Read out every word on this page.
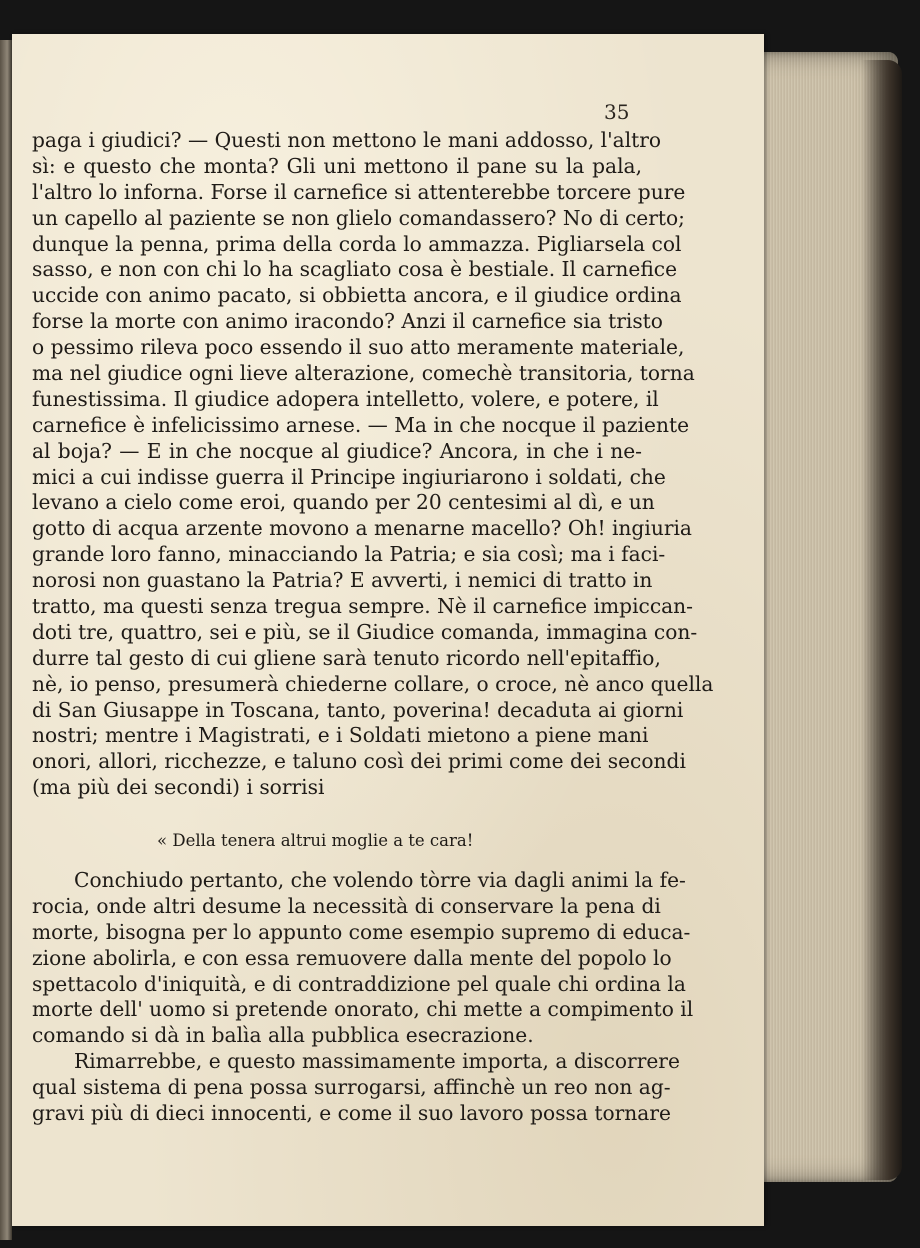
35
paga i giudici? — Questi non mettono le mani addosso, l'altro
sì: e questo che monta? Gli uni mettono il pane su la pala,
l'altro lo inforna. Forse il carnefice si attenterebbe torcere pure
un capello al paziente se non glielo comandassero? No di certo;
dunque la penna, prima della corda lo ammazza. Pigliarsela col
sasso, e non con chi lo ha scagliato cosa è bestiale. Il carnefice
uccide con animo pacato, si obbietta ancora, e il giudice ordina
forse la morte con animo iracondo? Anzi il carnefice sia tristo
o pessimo rileva poco essendo il suo atto meramente materiale,
ma nel giudice ogni lieve alterazione, comechè transitoria, torna
funestissima. Il giudice adopera intelletto, volere, e potere, il
carnefice è infelicissimo arnese. — Ma in che nocque il paziente
al boja? — E in che nocque al giudice? Ancora, in che i ne-
mici a cui indisse guerra il Principe ingiuriarono i soldati, che
levano a cielo come eroi, quando per 20 centesimi al dì, e un
gotto di acqua arzente movono a menarne macello? Oh! ingiuria
grande loro fanno, minacciando la Patria; e sia così; ma i faci-
norosi non guastano la Patria? E avverti, i nemici di tratto in
tratto, ma questi senza tregua sempre. Nè il carnefice impiccan-
doti tre, quattro, sei e più, se il Giudice comanda, immagina con-
durre tal gesto di cui gliene sarà tenuto ricordo nell'epitaffio,
nè, io penso, presumerà chiederne collare, o croce, nè anco quella
di San Giusappe in Toscana, tanto, poverina! decaduta ai giorni
nostri; mentre i Magistrati, e i Soldati mietono a piene mani
onori, allori, ricchezze, e taluno così dei primi come dei secondi
(ma più dei secondi) i sorrisi
« Della tenera altrui moglie a te cara!
Conchiudo pertanto, che volendo tòrre via dagli animi la fe-
rocia, onde altri desume la necessità di conservare la pena di
morte, bisogna per lo appunto come esempio supremo di educa-
zione abolirla, e con essa remuovere dalla mente del popolo lo
spettacolo d'iniquità, e di contraddizione pel quale chi ordina la
morte dell' uomo si pretende onorato, chi mette a compimento il
comando si dà in balìa alla pubblica esecrazione.
Rimarrebbe, e questo massimamente importa, a discorrere
qual sistema di pena possa surrogarsi, affinchè un reo non ag-
gravi più di dieci innocenti, e come il suo lavoro possa tornare
